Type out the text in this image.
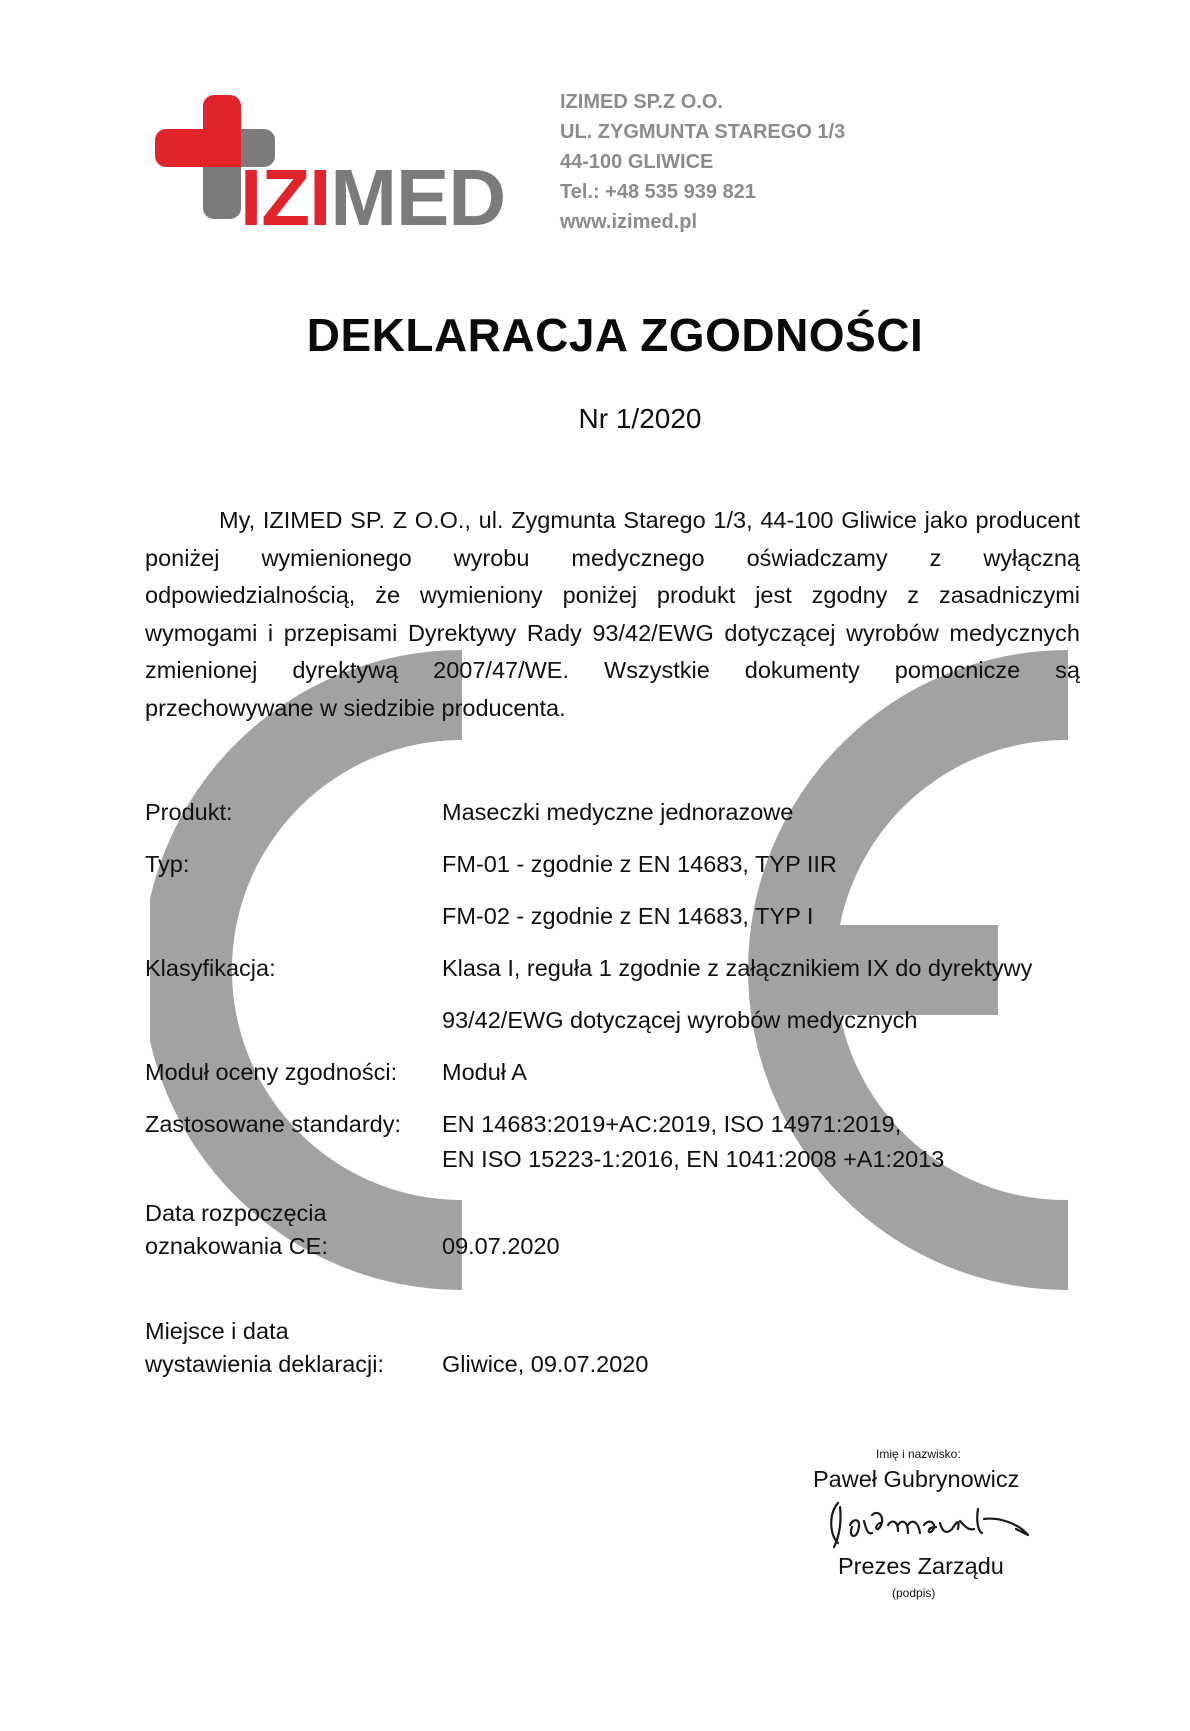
IZIMED
IZIMED SP.Z O.O.
UL. ZYGMUNTA STAREGO 1/3
44-100 GLIWICE
Tel.: +48 535 939 821
www.izimed.pl
DEKLARACJA ZGODNOŚCI
Nr 1/2020
My, IZIMED SP. Z O.O., ul. Zygmunta Starego 1/3, 44-100 Gliwice jako producent poniżej wymienionego wyrobu medycznego oświadczamy z wyłączną odpowiedzialnością, że wymieniony poniżej produkt jest zgodny z zasadniczymi wymogami i przepisami Dyrektywy Rady 93/42/EWG dotyczącej wyrobów medycznych zmienionej dyrektywą 2007/47/WE. Wszystkie dokumenty pomocnicze są przechowywane w siedzibie producenta.
Produkt:	Maseczki medyczne jednorazowe
Typ:	FM-01 - zgodnie z EN 14683, TYP IIR
FM-02 - zgodnie z EN 14683, TYP I
Klasyfikacja:	Klasa I, reguła 1 zgodnie z załącznikiem IX do dyrektywy
93/42/EWG dotyczącej wyrobów medycznych
Moduł oceny zgodności: Moduł A
Zastosowane standardy: EN 14683:2019+AC:2019, ISO 14971:2019,
EN ISO 15223-1:2016, EN 1041:2008 +A1:2013
Data rozpoczęcia
oznakowania CE:	09.07.2020
Miejsce i data
wystawienia deklaracji: Gliwice, 09.07.2020
Imię i nazwisko:
Paweł Gubrynowicz
Prezes Zarządu
(podpis)
